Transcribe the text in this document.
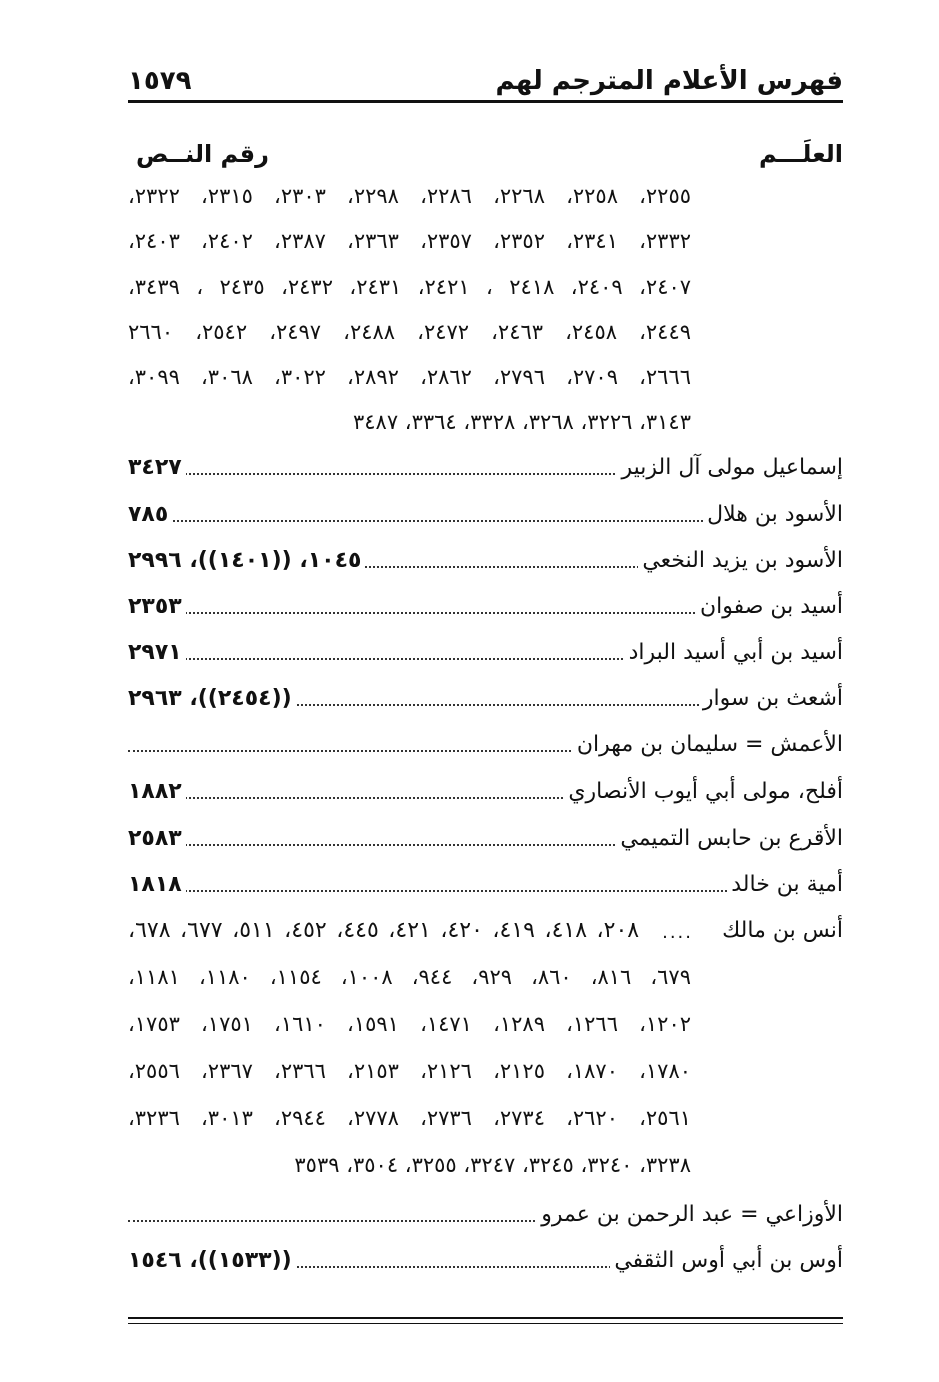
فهرس الأعلام المترجم لهم
١٥٧٩
العلَـــم
رقم النــص
٢٢٥٥، ٢٢٥٨، ٢٢٦٨، ٢٢٨٦، ٢٢٩٨، ٢٣٠٣، ٢٣١٥، ٢٣٢٢،
٢٣٣٢، ٢٣٤١، ٢٣٥٢، ٢٣٥٧، ٢٣٦٣، ٢٣٨٧، ٢٤٠٢، ٢٤٠٣،
٢٤٠٧، ٢٤٠٩، ٢٤١٨ ، ٢٤٢١، ٢٤٣١، ٢٤٣٢، ٢٤٣٥ ، ٣٤٣٩،
٢٤٤٩، ٢٤٥٨، ٢٤٦٣، ٢٤٧٢، ٢٤٨٨، ٢٤٩٧، ٢٥٤٢، ٢٦٦٠
٢٦٦٦، ٢٧٠٩، ٢٧٩٦، ٢٨٦٢، ٢٨٩٢، ٣٠٢٢، ٣٠٦٨، ٣٠٩٩،
٣١٤٣، ٣٢٢٦، ٣٢٦٨، ٣٣٢٨، ٣٣٦٤، ٣٤٨٧
إسماعيل مولى آل الزبير
٣٤٢٧
الأسود بن هلال
٧٨٥
الأسود بن يزيد النخعي
١٠٤٥، ((١٤٠١))، ٢٩٩٦
أسيد بن صفوان
٢٣٥٣
أسيد بن أبي أسيد البراد
٢٩٧١
أشعث بن سوار
((٢٤٥٤))، ٢٩٦٣
الأعمش = سليمان بن مهران
أفلح، مولى أبي أيوب الأنصاري
١٨٨٢
الأقرع بن حابس التميمي
٢٥٨٣
أمية بن خالد
١٨١٨
أنس بن مالك
....
٢٠٨، ٤١٨، ٤١٩، ٤٢٠، ٤٢١، ٤٤٥، ٤٥٢، ٥١١، ٦٧٧، ٦٧٨،
٦٧٩، ٨١٦، ٨٦٠، ٩٢٩، ٩٤٤، ١٠٠٨، ١١٥٤، ١١٨٠، ١١٨١،
١٢٠٢، ١٢٦٦، ١٢٨٩، ١٤٧١، ١٥٩١، ١٦١٠، ١٧٥١، ١٧٥٣،
١٧٨٠، ١٨٧٠، ٢١٢٥، ٢١٢٦، ٢١٥٣، ٢٣٦٦، ٢٣٦٧، ٢٥٥٦،
٢٥٦١، ٢٦٢٠، ٢٧٣٤، ٢٧٣٦، ٢٧٧٨، ٢٩٤٤، ٣٠١٣، ٣٢٣٦،
٣٢٣٨، ٣٢٤٠، ٣٢٤٥، ٣٢٤٧، ٣٢٥٥، ٣٥٠٤، ٣٥٣٩
الأوزاعي = عبد الرحمن بن عمرو
أوس بن أبي أوس الثقفي
((١٥٣٣))، ١٥٤٦
